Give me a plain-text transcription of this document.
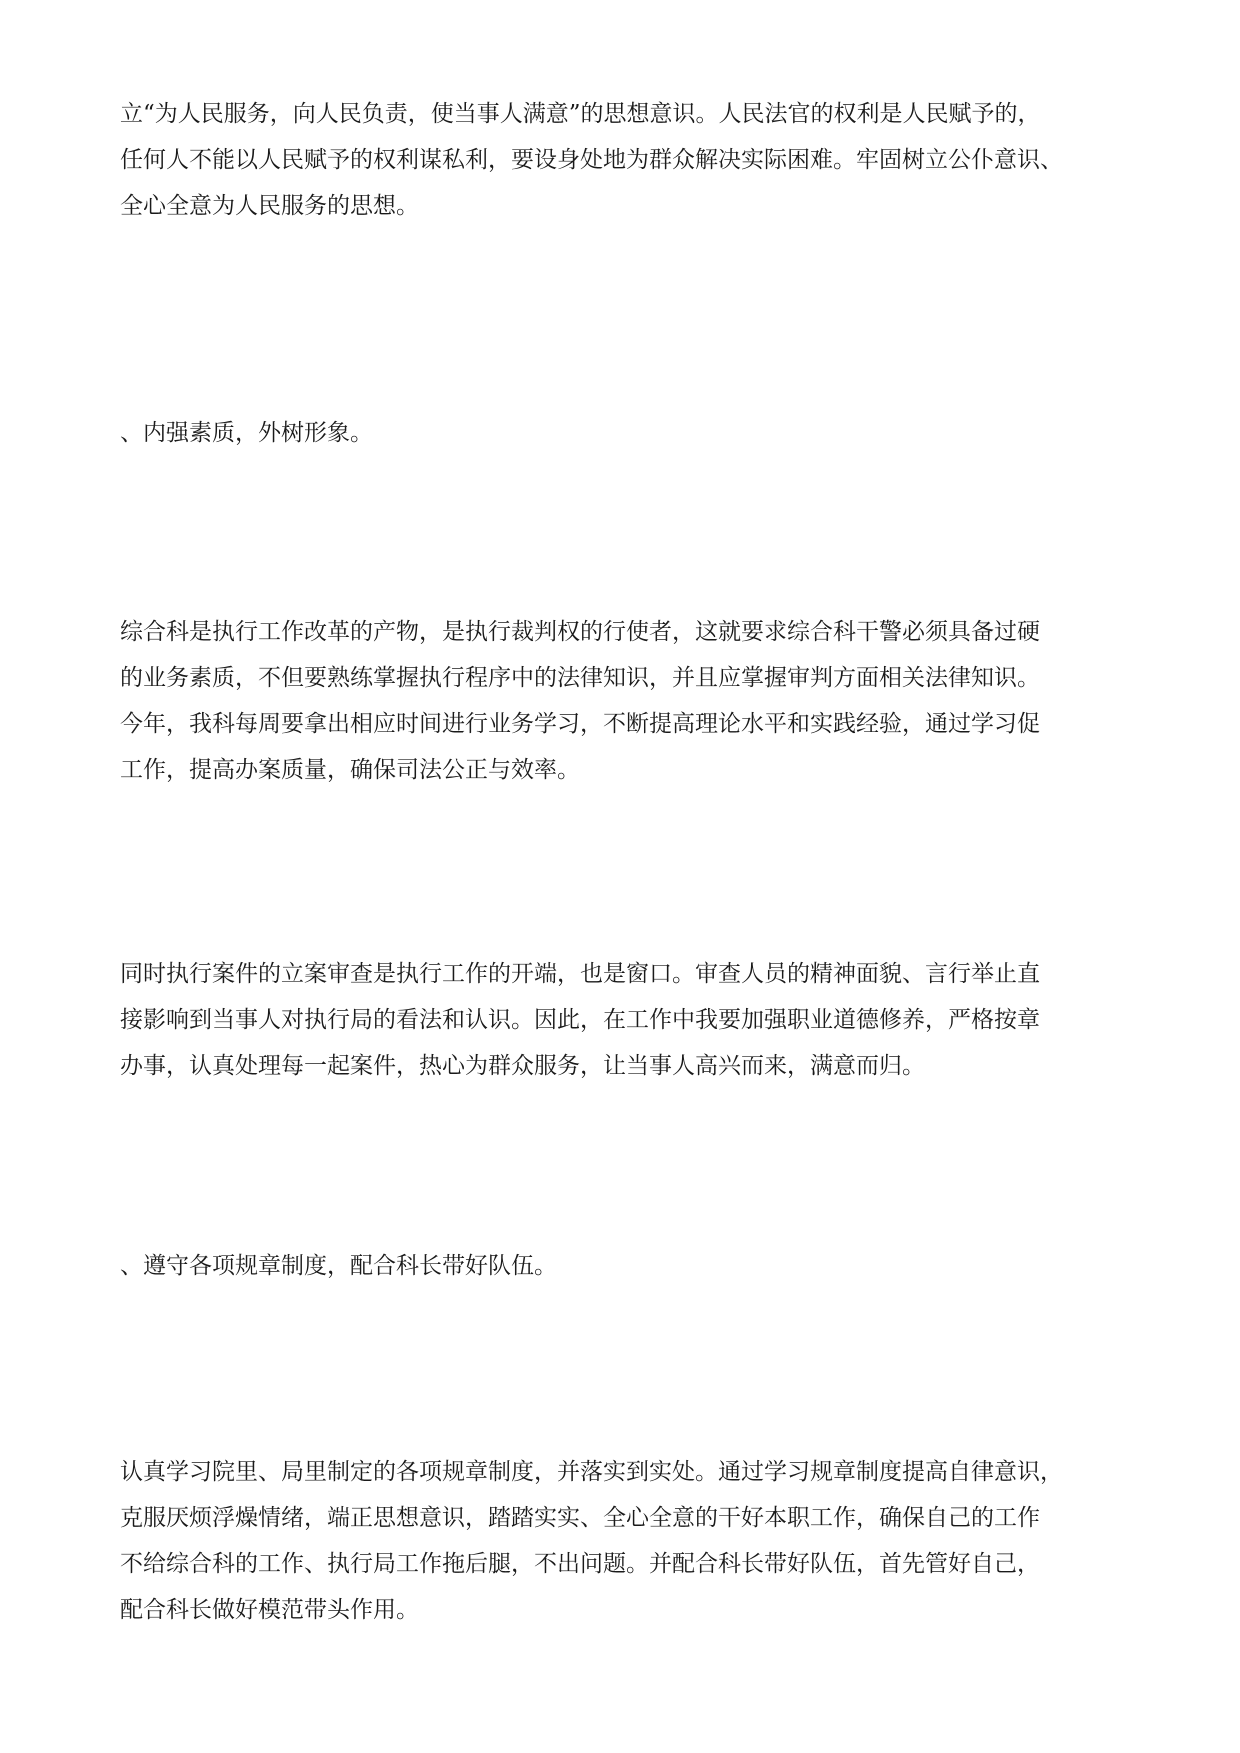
立“为人民服务，向人民负责，使当事人满意”的思想意识。人民法官的权利是人民赋予的，
任何人不能以人民赋予的权利谋私利，要设身处地为群众解决实际困难。牢固树立公仆意识、
全心全意为人民服务的思想。

、内强素质，外树形象。

综合科是执行工作改革的产物，是执行裁判权的行使者，这就要求综合科干警必须具备过硬
的业务素质，不但要熟练掌握执行程序中的法律知识，并且应掌握审判方面相关法律知识。
今年，我科每周要拿出相应时间进行业务学习，不断提高理论水平和实践经验，通过学习促
工作，提高办案质量，确保司法公正与效率。

同时执行案件的立案审查是执行工作的开端，也是窗口。审查人员的精神面貌、言行举止直
接影响到当事人对执行局的看法和认识。因此，在工作中我要加强职业道德修养，严格按章
办事，认真处理每一起案件，热心为群众服务，让当事人高兴而来，满意而归。

、遵守各项规章制度，配合科长带好队伍。

认真学习院里、局里制定的各项规章制度，并落实到实处。通过学习规章制度提高自律意识，
克服厌烦浮燥情绪，端正思想意识，踏踏实实、全心全意的干好本职工作，确保自己的工作
不给综合科的工作、执行局工作拖后腿，不出问题。并配合科长带好队伍，首先管好自己，
配合科长做好模范带头作用。
